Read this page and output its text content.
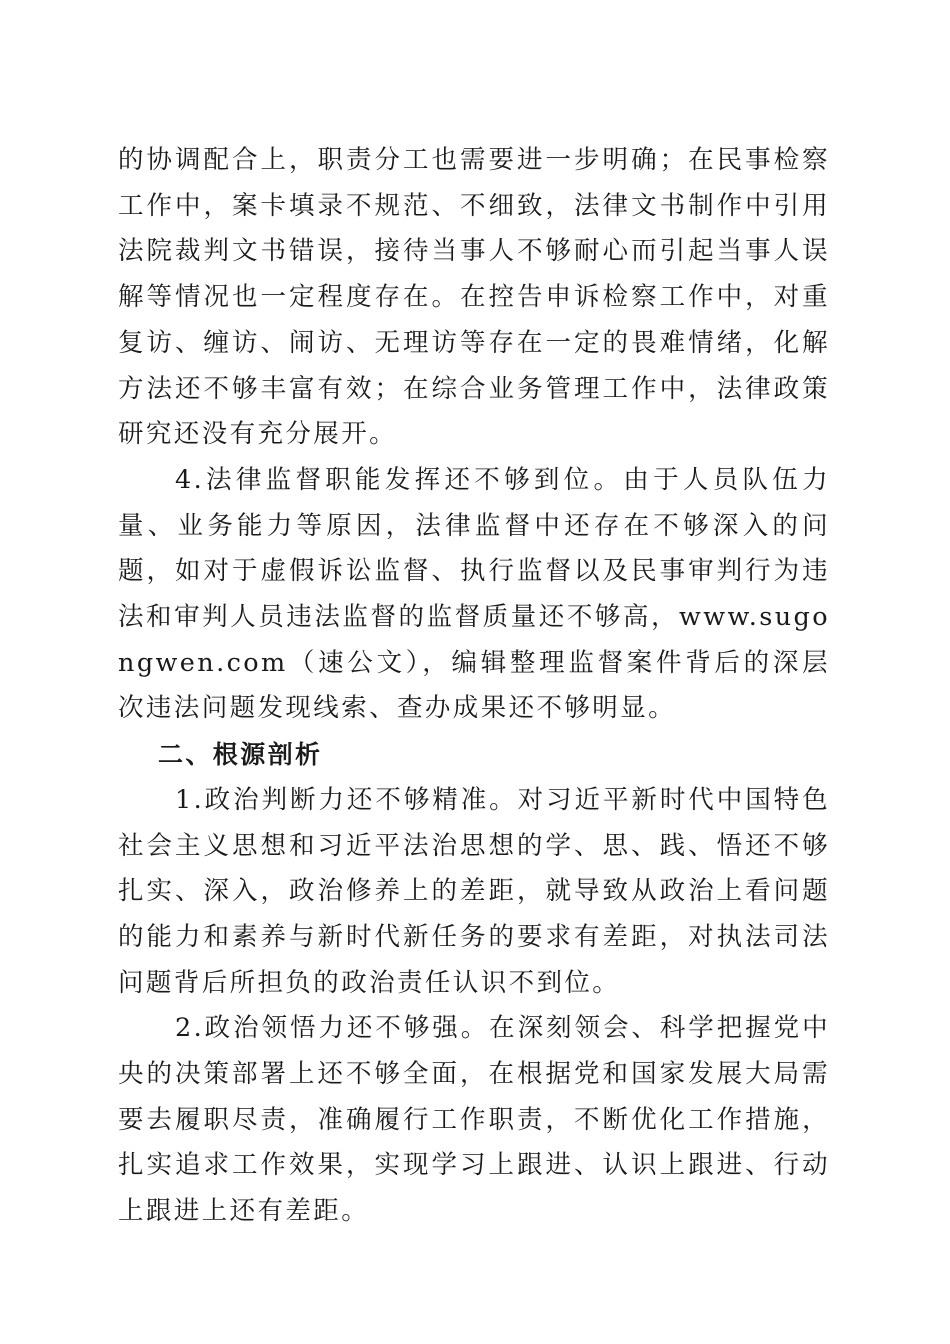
的协调配合上，职责分工也需要进一步明确；在民事检察工作中，案卡填录不规范、不细致，法律文书制作中引用法院裁判文书错误，接待当事人不够耐心而引起当事人误解等情况也一定程度存在。在控告申诉检察工作中，对重复访、缠访、闹访、无理访等存在一定的畏难情绪，化解方法还不够丰富有效；在综合业务管理工作中，法律政策研究还没有充分展开。

4.法律监督职能发挥还不够到位。由于人员队伍力量、业务能力等原因，法律监督中还存在不够深入的问题，如对于虚假诉讼监督、执行监督以及民事审判行为违法和审判人员违法监督的监督质量还不够高，www.sugongwen.com（速公文），编辑整理监督案件背后的深层次违法问题发现线索、查办成果还不够明显。

二、根源剖析

1.政治判断力还不够精准。对习近平新时代中国特色社会主义思想和习近平法治思想的学、思、践、悟还不够扎实、深入，政治修养上的差距，就导致从政治上看问题的能力和素养与新时代新任务的要求有差距，对执法司法问题背后所担负的政治责任认识不到位。

2.政治领悟力还不够强。在深刻领会、科学把握党中央的决策部署上还不够全面，在根据党和国家发展大局需要去履职尽责，准确履行工作职责，不断优化工作措施，扎实追求工作效果，实现学习上跟进、认识上跟进、行动上跟进上还有差距。
